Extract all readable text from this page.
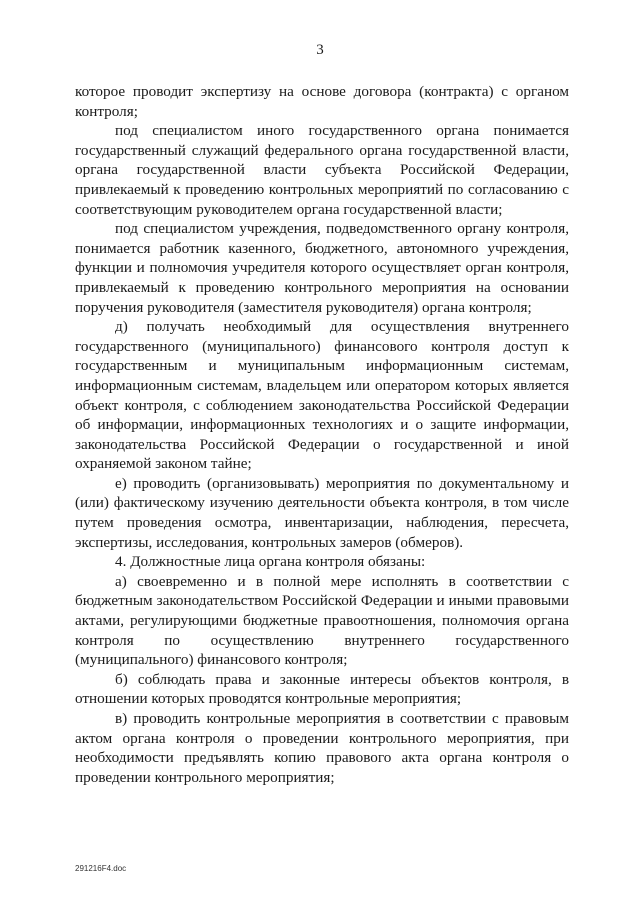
3

которое проводит экспертизу на основе договора (контракта) с органом контроля;

под специалистом иного государственного органа понимается государственный служащий федерального органа государственной власти, органа государственной власти субъекта Российской Федерации, привлекаемый к проведению контрольных мероприятий по согласованию с соответствующим руководителем органа государственной власти;

под специалистом учреждения, подведомственного органу контроля, понимается работник казенного, бюджетного, автономного учреждения, функции и полномочия учредителя которого осуществляет орган контроля, привлекаемый к проведению контрольного мероприятия на основании поручения руководителя (заместителя руководителя) органа контроля;

д) получать необходимый для осуществления внутреннего государственного (муниципального) финансового контроля доступ к государственным и муниципальным информационным системам, информационным системам, владельцем или оператором которых является объект контроля, с соблюдением законодательства Российской Федерации об информации, информационных технологиях и о защите информации, законодательства Российской Федерации о государственной и иной охраняемой законом тайне;

е) проводить (организовывать) мероприятия по документальному и (или) фактическому изучению деятельности объекта контроля, в том числе путем проведения осмотра, инвентаризации, наблюдения, пересчета, экспертизы, исследования, контрольных замеров (обмеров).

4. Должностные лица органа контроля обязаны:

а) своевременно и в полной мере исполнять в соответствии с бюджетным законодательством Российской Федерации и иными правовыми актами, регулирующими бюджетные правоотношения, полномочия органа контроля по осуществлению внутреннего государственного (муниципального) финансового контроля;

б) соблюдать права и законные интересы объектов контроля, в отношении которых проводятся контрольные мероприятия;

в) проводить контрольные мероприятия в соответствии с правовым актом органа контроля о проведении контрольного мероприятия, при необходимости предъявлять копию правового акта органа контроля о проведении контрольного мероприятия;

291216F4.doc
